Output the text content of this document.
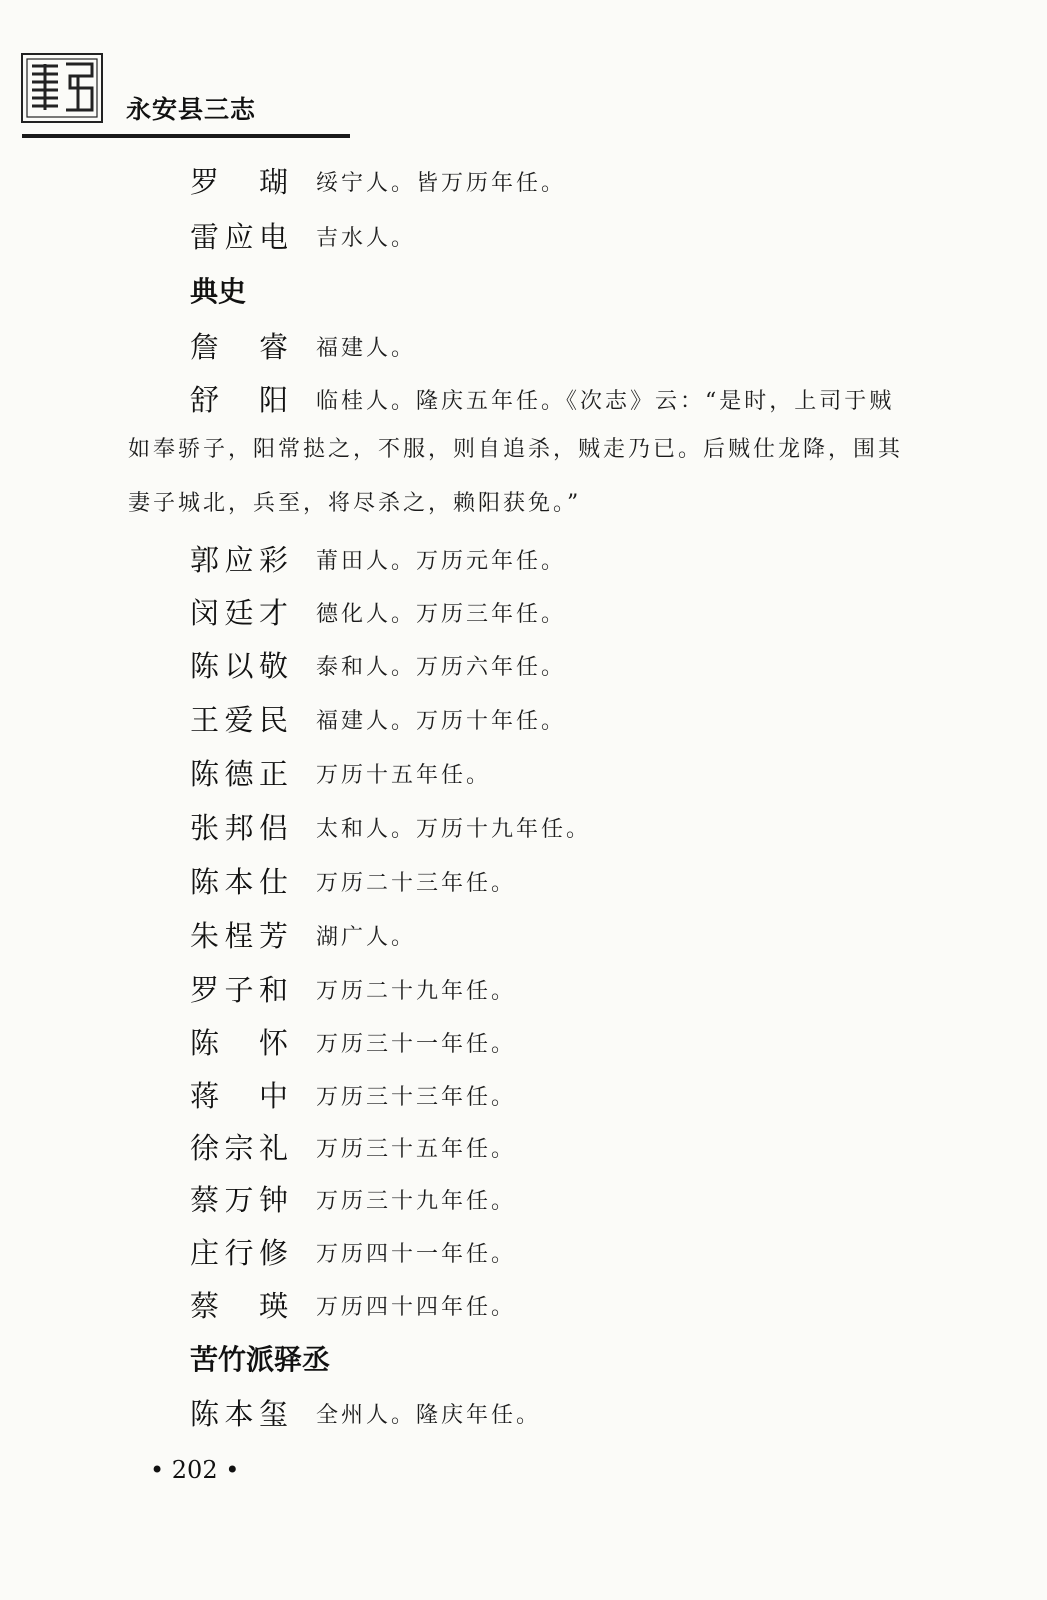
永安县三志
罗 瑚 绥宁人。皆万历年任。
雷应电 吉水人。
典史
詹 睿 福建人。
舒 阳 临桂人。隆庆五年任。《次志》云：“是时，上司于贼
如奉骄子，阳常挞之，不服，则自追杀，贼走乃已。后贼仕龙降，围其
妻子城北，兵至，将尽杀之，赖阳获免。”
郭应彩 莆田人。万历元年任。
闵廷才 德化人。万历三年任。
陈以敬 泰和人。万历六年任。
王爱民 福建人。万历十年任。
陈德正 万历十五年任。
张邦侣 太和人。万历十九年任。
陈本仕 万历二十三年任。
朱桯芳 湖广人。
罗子和 万历二十九年任。
陈 怀 万历三十一年任。
蒋 中 万历三十三年任。
徐宗礼 万历三十五年任。
蔡万钟 万历三十九年任。
庄行修 万历四十一年任。
蔡 瑛 万历四十四年任。
苦竹派驿丞
陈本玺 全州人。隆庆年任。
• 202 •
